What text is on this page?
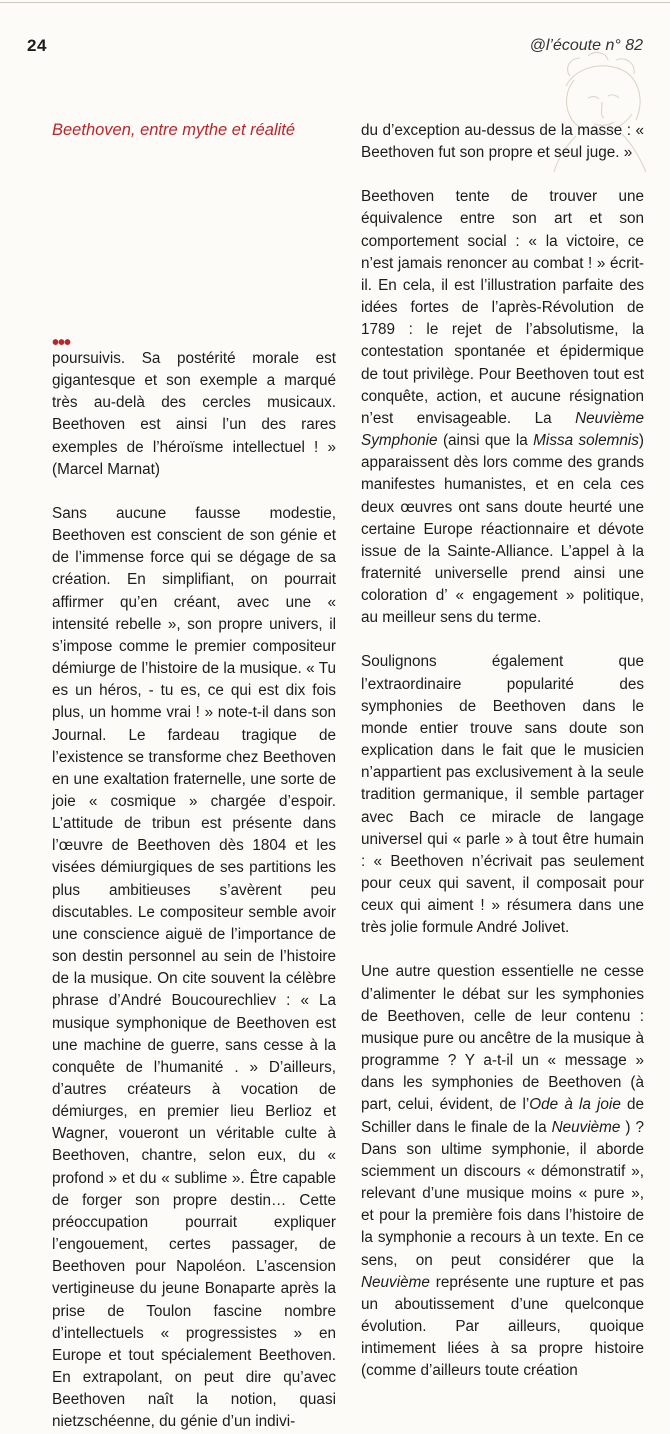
24	@l’écoute n° 82

Beethoven, entre mythe et réalité
•••

poursuivis. Sa postérité morale est gigantesque et son exemple a marqué très au-delà des cercles musicaux. Beethoven est ainsi l’un des rares exemples de l’héroïsme intellectuel ! » (Marcel Marnat)

Sans aucune fausse modestie, Beethoven est conscient de son génie et de l’immense force qui se dégage de sa création. En simplifiant, on pourrait affirmer qu’en créant, avec une « intensité rebelle », son propre univers, il s’impose comme le premier compositeur démiurge de l’histoire de la musique. « Tu es un héros, - tu es, ce qui est dix fois plus, un homme vrai ! » note-t-il dans son Journal. Le fardeau tragique de l’existence se transforme chez Beethoven en une exaltation fraternelle, une sorte de joie « cosmique » chargée d’espoir. L’attitude de tribun est présente dans l’œuvre de Beethoven dès 1804 et les visées démiurgiques de ses partitions les plus ambitieuses s’avèrent peu discutables. Le compositeur semble avoir une conscience aiguë de l’importance de son destin personnel au sein de l’histoire de la musique. On cite souvent la célèbre phrase d’André Boucourechliev : « La musique symphonique de Beethoven est une machine de guerre, sans cesse à la conquête de l’humanité . » D’ailleurs, d’autres créateurs à vocation de démiurges, en premier lieu Berlioz et Wagner, voueront un véritable culte à Beethoven, chantre, selon eux, du « profond » et du « sublime ». Être capable de forger son propre destin… Cette préoccupation pourrait expliquer l’engouement, certes passager, de Beethoven pour Napoléon. L’ascension vertigineuse du jeune Bonaparte après la prise de Toulon fascine nombre d’intellectuels « progressistes » en Europe et tout spécialement Beethoven. En extrapolant, on peut dire qu’avec Beethoven naît la notion, quasi nietzschéenne, du génie d’un indivi-

du d’exception au-dessus de la masse : « Beethoven fut son propre et seul juge. »

Beethoven tente de trouver une équivalence entre son art et son comportement social : « la victoire, ce n’est jamais renoncer au combat ! » écrit-il. En cela, il est l’illustration parfaite des idées fortes de l’après-Révolution de 1789 : le rejet de l’absolutisme, la contestation spontanée et épidermique de tout privilège. Pour Beethoven tout est conquête, action, et aucune résignation n’est envisageable. La Neuvième Symphonie (ainsi que la Missa solemnis) apparaissent dès lors comme des grands manifestes humanistes, et en cela ces deux œuvres ont sans doute heurté une certaine Europe réactionnaire et dévote issue de la Sainte-Alliance. L’appel à la fraternité universelle prend ainsi une coloration d’ « engagement » politique, au meilleur sens du terme.

Soulignons également que l’extraordinaire popularité des symphonies de Beethoven dans le monde entier trouve sans doute son explication dans le fait que le musicien n’appartient pas exclusivement à la seule tradition germanique, il semble partager avec Bach ce miracle de langage universel qui « parle » à tout être humain : « Beethoven n’écrivait pas seulement pour ceux qui savent, il composait pour ceux qui aiment ! » résumera dans une très jolie formule André Jolivet.

Une autre question essentielle ne cesse d’alimenter le débat sur les symphonies de Beethoven, celle de leur contenu : musique pure ou ancêtre de la musique à programme ? Y a-t-il un « message » dans les symphonies de Beethoven (à part, celui, évident, de l’Ode à la joie de Schiller dans le finale de la Neuvième ) ? Dans son ultime symphonie, il aborde sciemment un discours « démonstratif », relevant d’une musique moins « pure », et pour la première fois dans l’histoire de la symphonie a recours à un texte. En ce sens, on peut considérer que la Neuvième représente une rupture et pas un aboutissement d’une quelconque évolution. Par ailleurs, quoique intimement liées à sa propre histoire (comme d’ailleurs toute création
